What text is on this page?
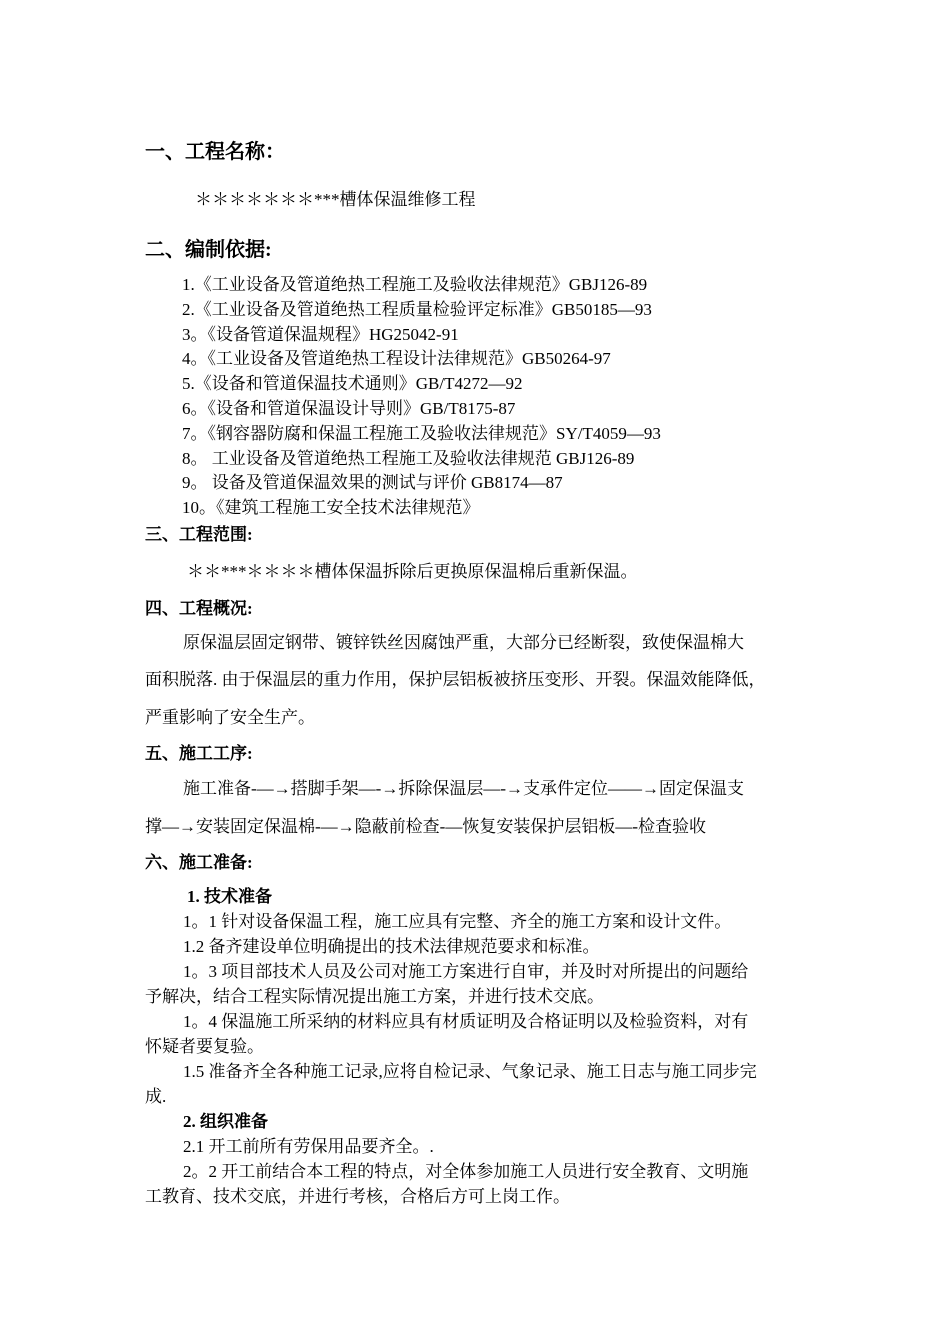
一、工程名称：
＊＊＊＊＊＊＊***槽体保温维修工程
二、编制依据:
1.《工业设备及管道绝热工程施工及验收法律规范》GBJ126-89
2.《工业设备及管道绝热工程质量检验评定标准》GB50185—93
3。《设备管道保温规程》HG25042-91
4。《工业设备及管道绝热工程设计法律规范》GB50264-97
5.《设备和管道保温技术通则》GB/T4272—92
6。《设备和管道保温设计导则》GB/T8175-87
7。《钢容器防腐和保温工程施工及验收法律规范》SY/T4059—93
8。 工业设备及管道绝热工程施工及验收法律规范 GBJ126-89
9。 设备及管道保温效果的测试与评价 GB8174—87
10。《建筑工程施工安全技术法律规范》
三、工程范围:
＊＊***＊＊＊＊槽体保温拆除后更换原保温棉后重新保温。
四、工程概况:
原保温层固定钢带、镀锌铁丝因腐蚀严重，大部分已经断裂，致使保温棉大
面积脱落. 由于保温层的重力作用，保护层铝板被挤压变形、开裂。保温效能降低，
严重影响了安全生产。
五、施工工序:
施工准备-—→搭脚手架—-→拆除保温层—-→支承件定位——→固定保温支
撑—→安装固定保温棉-—→隐蔽前检查-—恢复安装保护层铝板—-检查验收
六、施工准备:
1. 技术准备
1。1 针对设备保温工程，施工应具有完整、齐全的施工方案和设计文件。
1.2 备齐建设单位明确提出的技术法律规范要求和标准。
1。3 项目部技术人员及公司对施工方案进行自审，并及时对所提出的问题给
予解决，结合工程实际情况提出施工方案，并进行技术交底。
1。4 保温施工所采纳的材料应具有材质证明及合格证明以及检验资料，对有
怀疑者要复验。
1.5 准备齐全各种施工记录,应将自检记录、气象记录、施工日志与施工同步完
成.
2. 组织准备
2.1 开工前所有劳保用品要齐全。.
2。2 开工前结合本工程的特点，对全体参加施工人员进行安全教育、文明施
工教育、技术交底，并进行考核，合格后方可上岗工作。
